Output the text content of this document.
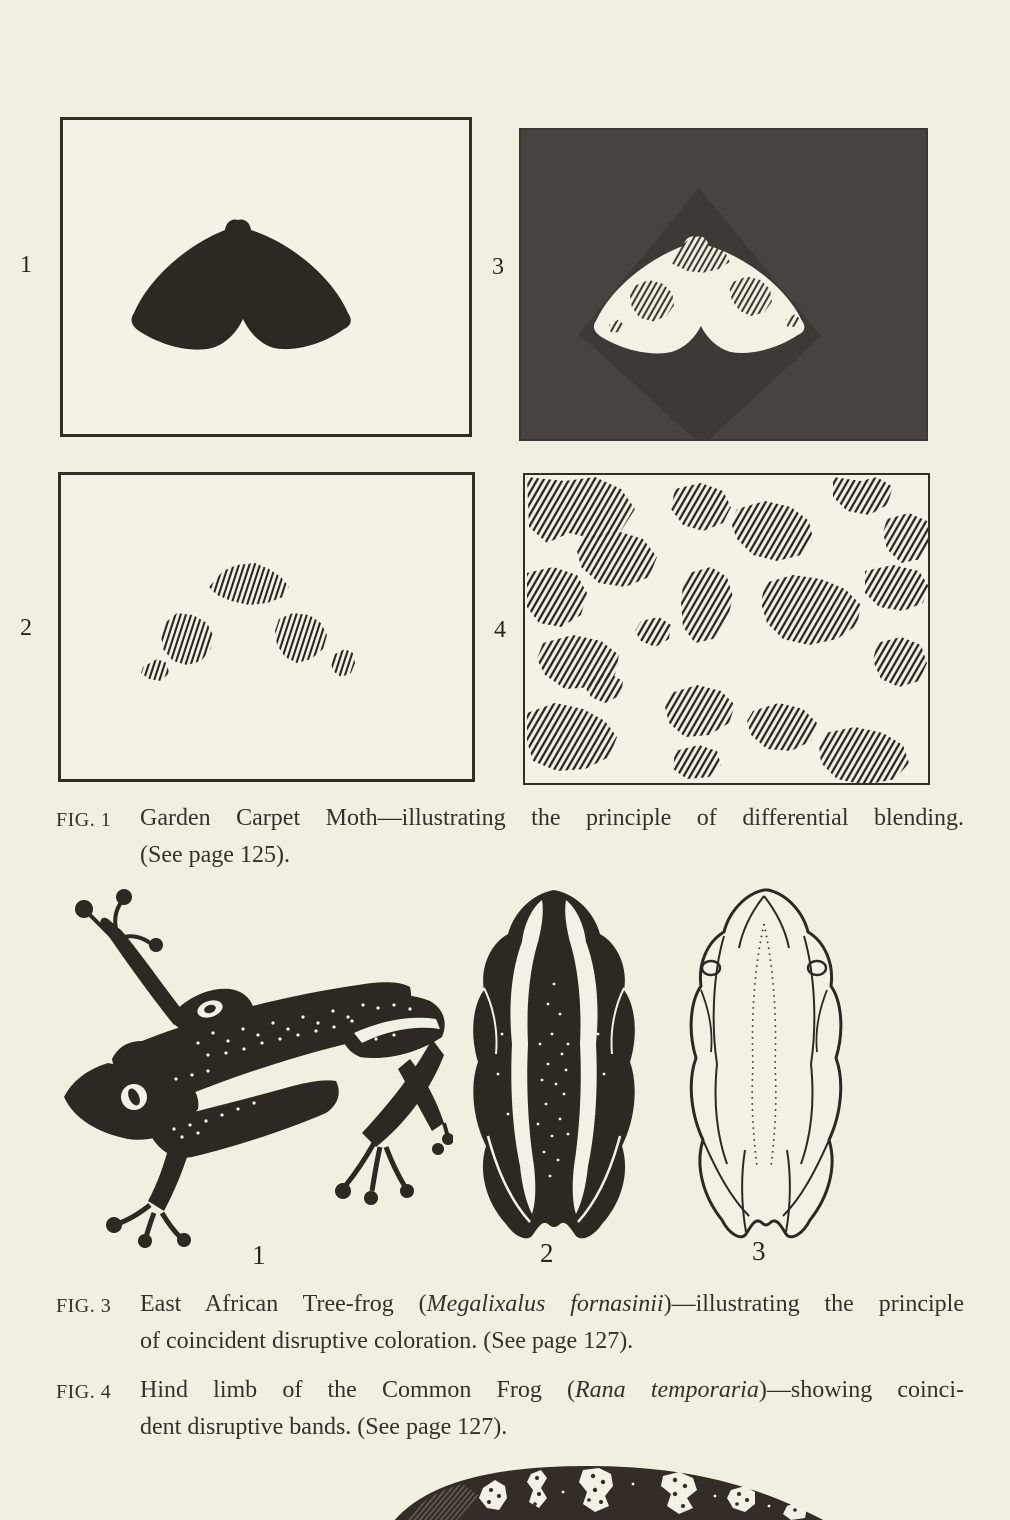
1	3
2	4
FIG. 1 Garden Carpet Moth—illustrating the principle of differential blending.
(See page 125).
1	2	3
FIG. 3 East African Tree-frog (Megalixalus fornasinii)—illustrating the principle
of coincident disruptive coloration. (See page 127).
FIG. 4 Hind limb of the Common Frog (Rana temporaria)—showing coinci-
dent disruptive bands. (See page 127).
